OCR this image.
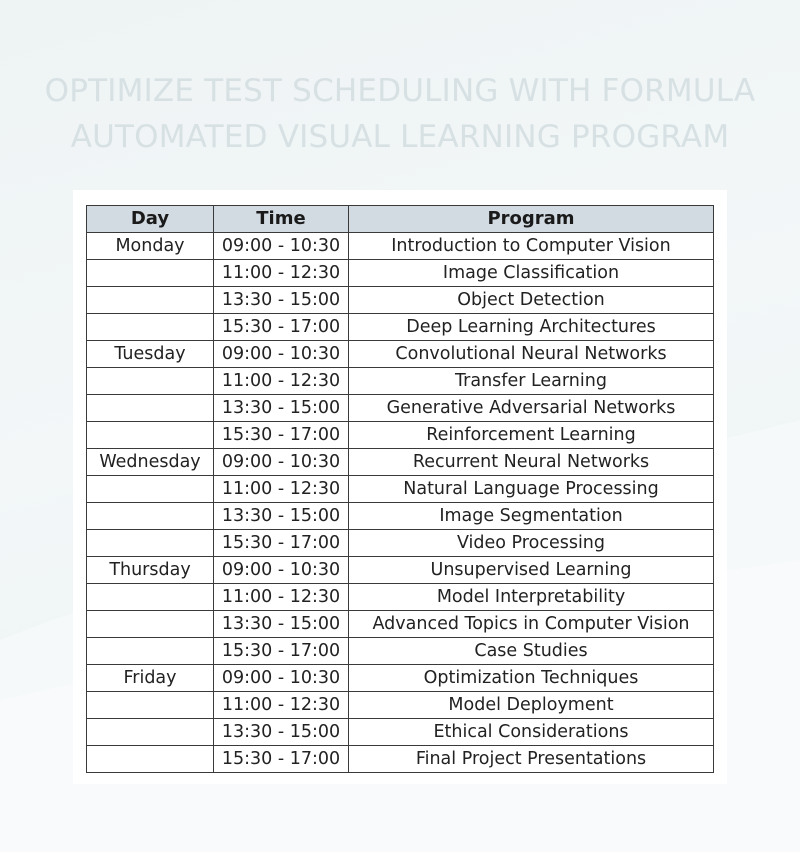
OPTIMIZE TEST SCHEDULING WITH FORMULA
AUTOMATED VISUAL LEARNING PROGRAM
Day	Time	Program
Monday	09:00 - 10:30	Introduction to Computer Vision
	11:00 - 12:30	Image Classification
	13:30 - 15:00	Object Detection
	15:30 - 17:00	Deep Learning Architectures
Tuesday	09:00 - 10:30	Convolutional Neural Networks
	11:00 - 12:30	Transfer Learning
	13:30 - 15:00	Generative Adversarial Networks
	15:30 - 17:00	Reinforcement Learning
Wednesday	09:00 - 10:30	Recurrent Neural Networks
	11:00 - 12:30	Natural Language Processing
	13:30 - 15:00	Image Segmentation
	15:30 - 17:00	Video Processing
Thursday	09:00 - 10:30	Unsupervised Learning
	11:00 - 12:30	Model Interpretability
	13:30 - 15:00	Advanced Topics in Computer Vision
	15:30 - 17:00	Case Studies
Friday	09:00 - 10:30	Optimization Techniques
	11:00 - 12:30	Model Deployment
	13:30 - 15:00	Ethical Considerations
	15:30 - 17:00	Final Project Presentations
